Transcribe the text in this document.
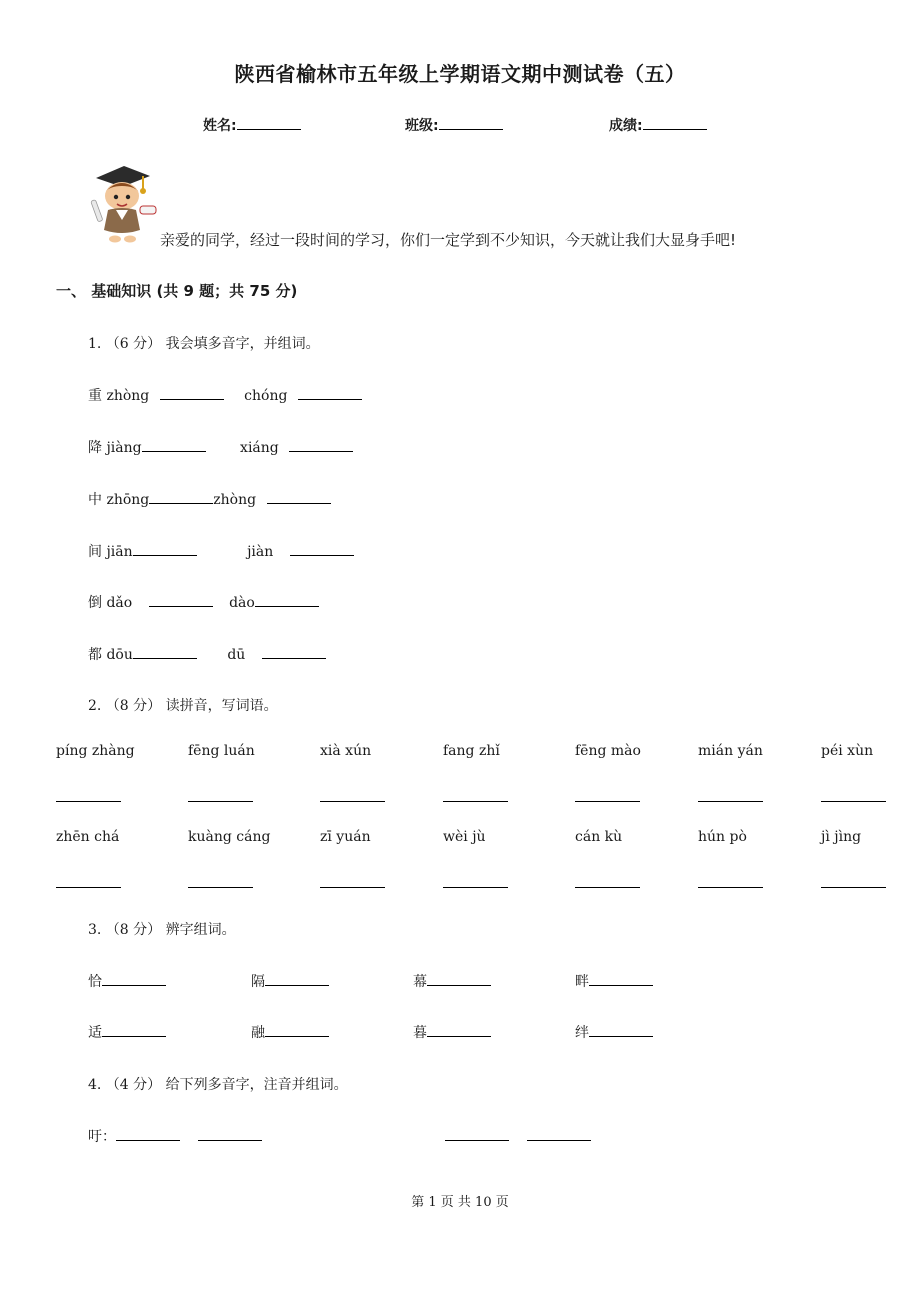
陕西省榆林市五年级上学期语文期中测试卷（五）
姓名:	班级:	成绩:
亲爱的同学，经过一段时间的学习，你们一定学到不少知识，今天就让我们大显身手吧!
一、 基础知识 (共 9 题；共 75 分)
1. （6 分） 我会填多音字，并组词。
重 zhòng	chóng
降 jiàng	xiáng
中 zhōng	zhòng
间 jiān	jiàn
倒 dǎo	dào
都 dōu	dū
2. （8 分） 读拼音，写词语。
píng zhàng	fēng luán	xià xún	fang zhǐ	fēng mào	mián yán	péi xùn
zhēn chá	kuàng cáng	zī yuán	wèi jù	cán kù	hún pò	jì jìng
3. （8 分） 辨字组词。
恰	隔	幕	畔
适	融	暮	绊
4. （4 分） 给下列多音字，注音并组词。
吁：

第 1 页 共 10 页
